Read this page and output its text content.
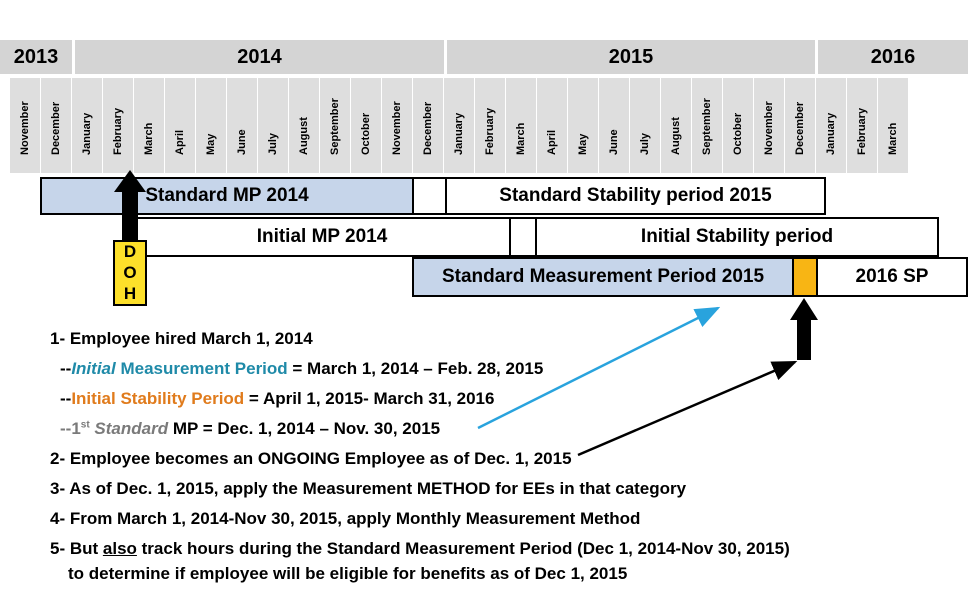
2013	2014	2015	2016
November December January February March April May June July August September October November December January February March April May June July August September October November December January February March
Standard MP 2014	Standard Stability period 2015
Initial MP 2014	Initial Stability period
Standard Measurement Period 2015	2016 SP
D
O
H
1- Employee hired March 1, 2014
--Initial Measurement Period = March 1, 2014 – Feb. 28, 2015
--Initial Stability Period = April 1, 2015- March 31, 2016
--1st Standard MP = Dec. 1, 2014 – Nov. 30, 2015
2- Employee becomes an ONGOING Employee as of Dec. 1, 2015
3- As of Dec. 1, 2015, apply the Measurement METHOD for EEs in that category
4- From March 1, 2014-Nov 30, 2015, apply Monthly Measurement Method
5- But also track hours during the Standard Measurement Period (Dec 1, 2014-Nov 30, 2015)
to determine if employee will be eligible for benefits as of Dec 1, 2015
